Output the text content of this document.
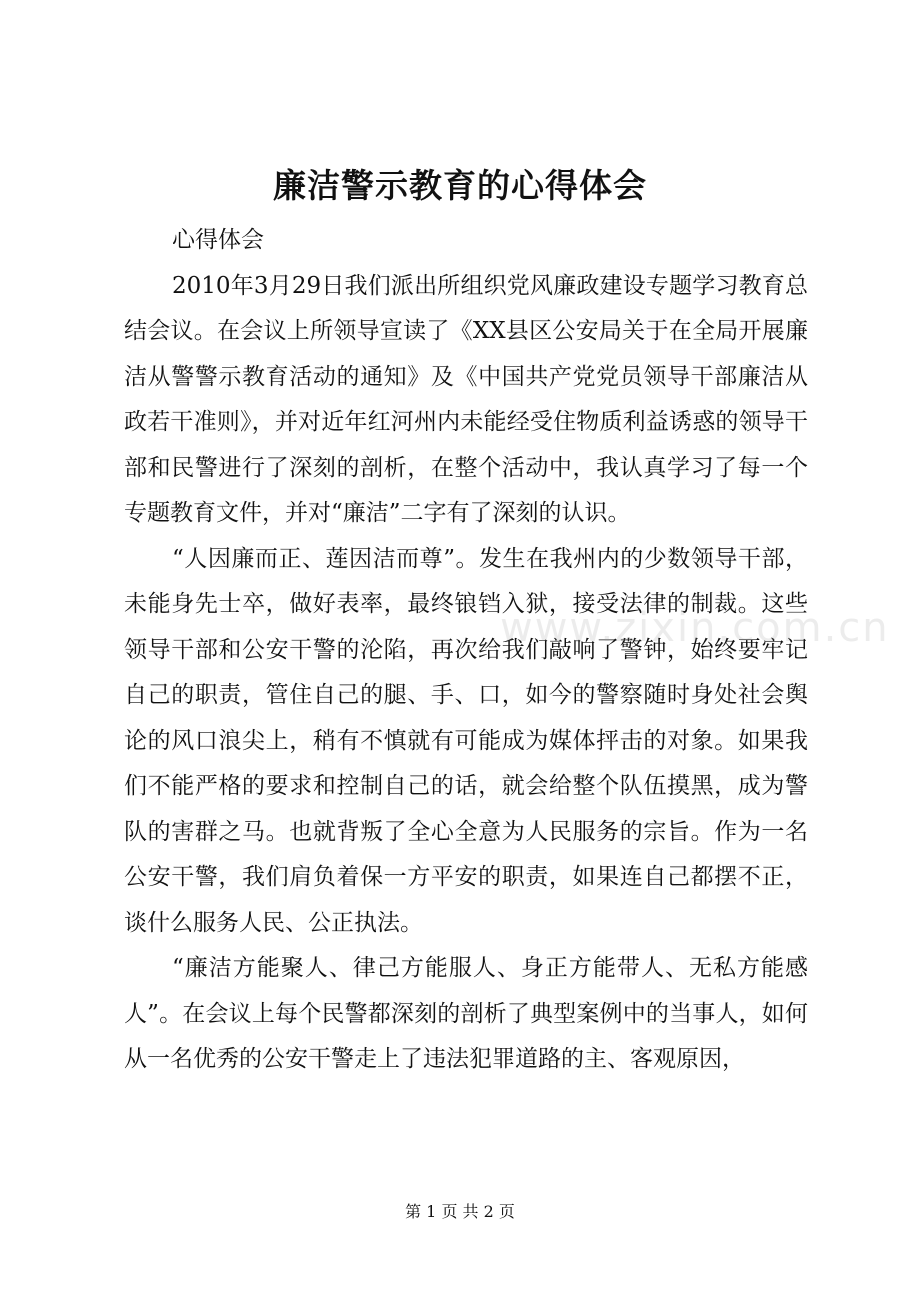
廉洁警示教育的心得体会

心得体会

2010年3月29日我们派出所组织党风廉政建设专题学习教育总结会议。在会议上所领导宣读了《XX县区公安局关于在全局开展廉洁从警警示教育活动的通知》及《中国共产党党员领导干部廉洁从政若干准则》，并对近年红河州内未能经受住物质利益诱惑的领导干部和民警进行了深刻的剖析，在整个活动中，我认真学习了每一个专题教育文件，并对“廉洁”二字有了深刻的认识。

“人因廉而正、莲因洁而尊”。发生在我州内的少数领导干部，未能身先士卒，做好表率，最终锒铛入狱，接受法律的制裁。这些领导干部和公安干警的沦陷，再次给我们敲响了警钟，始终要牢记自己的职责，管住自己的腿、手、口，如今的警察随时身处社会舆论的风口浪尖上，稍有不慎就有可能成为媒体抨击的对象。如果我们不能严格的要求和控制自己的话，就会给整个队伍摸黑，成为警队的害群之马。也就背叛了全心全意为人民服务的宗旨。作为一名公安干警，我们肩负着保一方平安的职责，如果连自己都摆不正，谈什么服务人民、公正执法。

“廉洁方能聚人、律己方能服人、身正方能带人、无私方能感人”。在会议上每个民警都深刻的剖析了典型案例中的当事人，如何从一名优秀的公安干警走上了违法犯罪道路的主、客观原因，

www.zixin.com.cn
第 1 页 共 2 页
